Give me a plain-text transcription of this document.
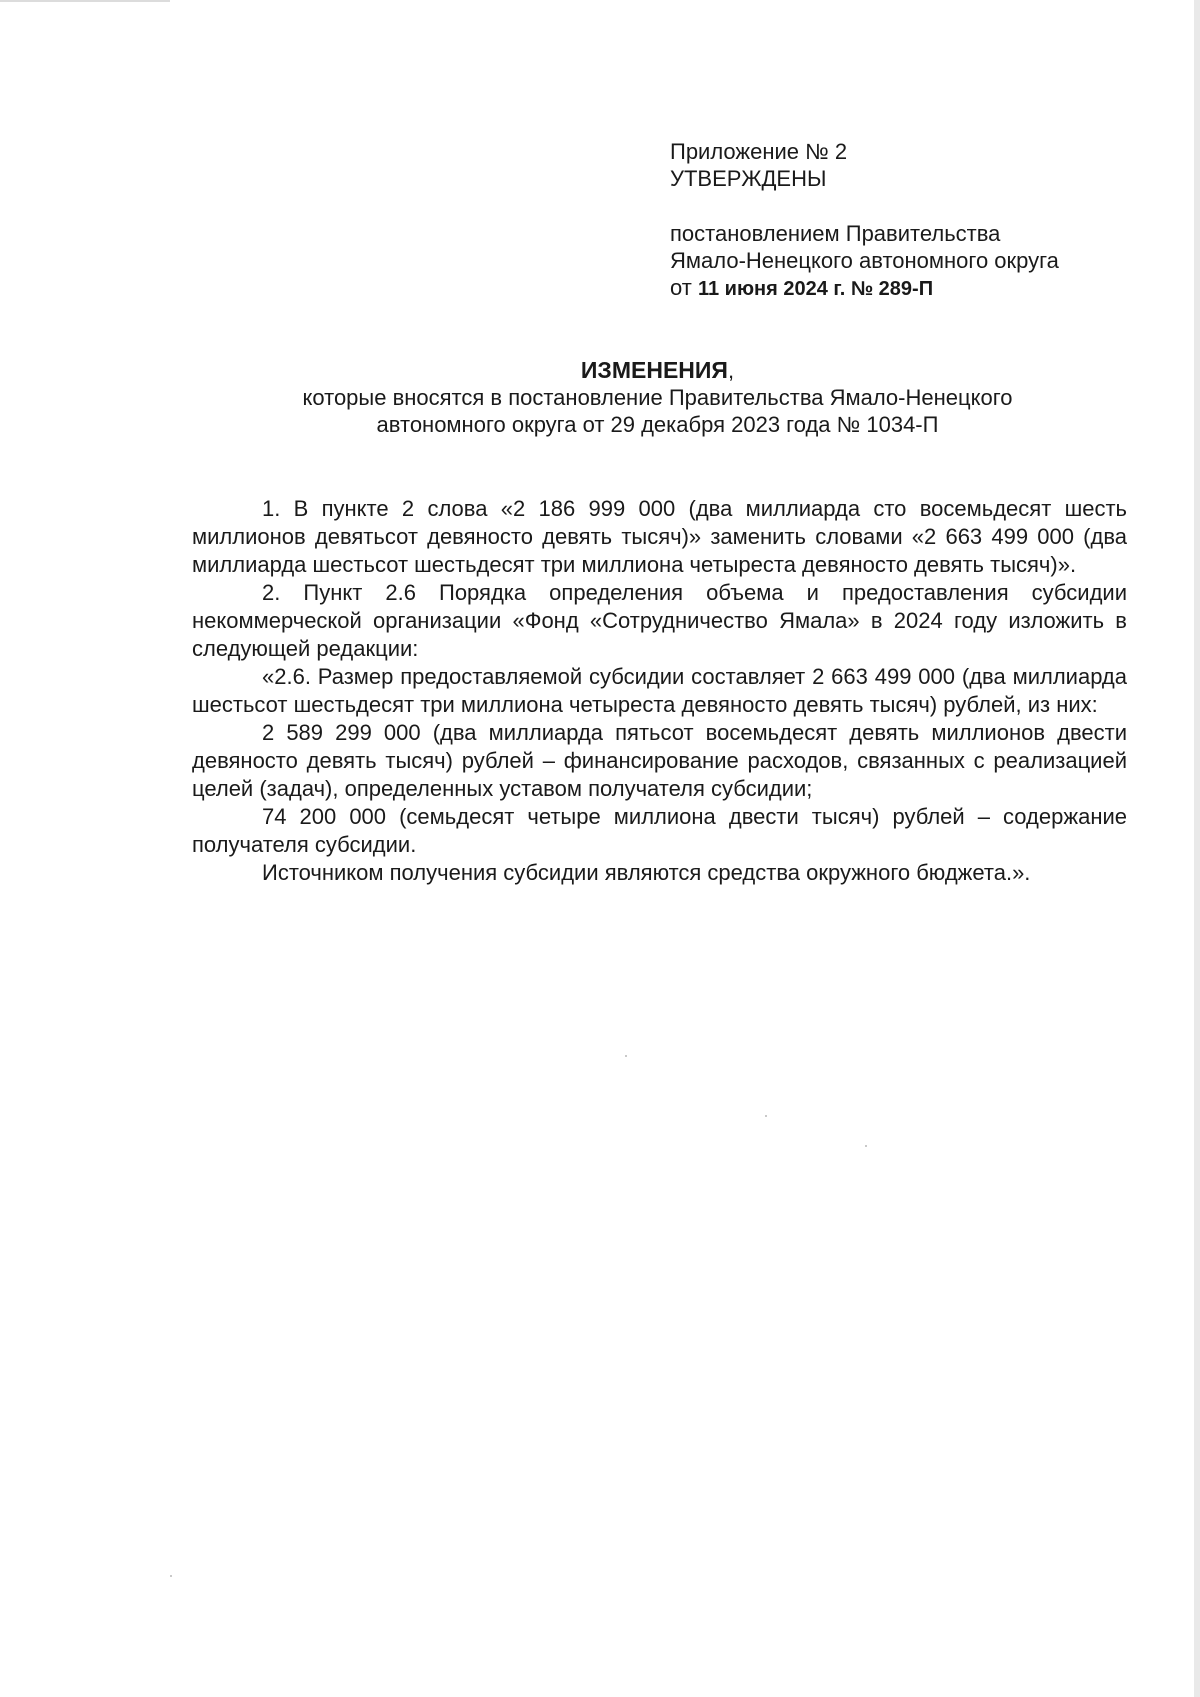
Приложение № 2
УТВЕРЖДЕНЫ
постановлением Правительства
Ямало-Ненецкого автономного округа
от 11 июня 2024 г. № 289-П
ИЗМЕНЕНИЯ,
которые вносятся в постановление Правительства Ямало-Ненецкого
автономного округа от 29 декабря 2023 года № 1034-П

1. В пункте 2 слова «2 186 999 000 (два миллиарда сто восемьдесят шесть миллионов девятьсот девяносто девять тысяч)» заменить словами «2 663 499 000 (два миллиарда шестьсот шестьдесят три миллиона четыреста девяносто девять тысяч)».

2. Пункт 2.6 Порядка определения объема и предоставления субсидии некоммерческой организации «Фонд «Сотрудничество Ямала» в 2024 году изложить в следующей редакции:

«2.6. Размер предоставляемой субсидии составляет 2 663 499 000 (два миллиарда шестьсот шестьдесят три миллиона четыреста девяносто девять тысяч) рублей, из них:

2 589 299 000 (два миллиарда пятьсот восемьдесят девять миллионов двести девяносто девять тысяч) рублей – финансирование расходов, связанных с реализацией целей (задач), определенных уставом получателя субсидии;

74 200 000 (семьдесят четыре миллиона двести тысяч) рублей – содержание получателя субсидии.

Источником получения субсидии являются средства окружного бюджета.».
